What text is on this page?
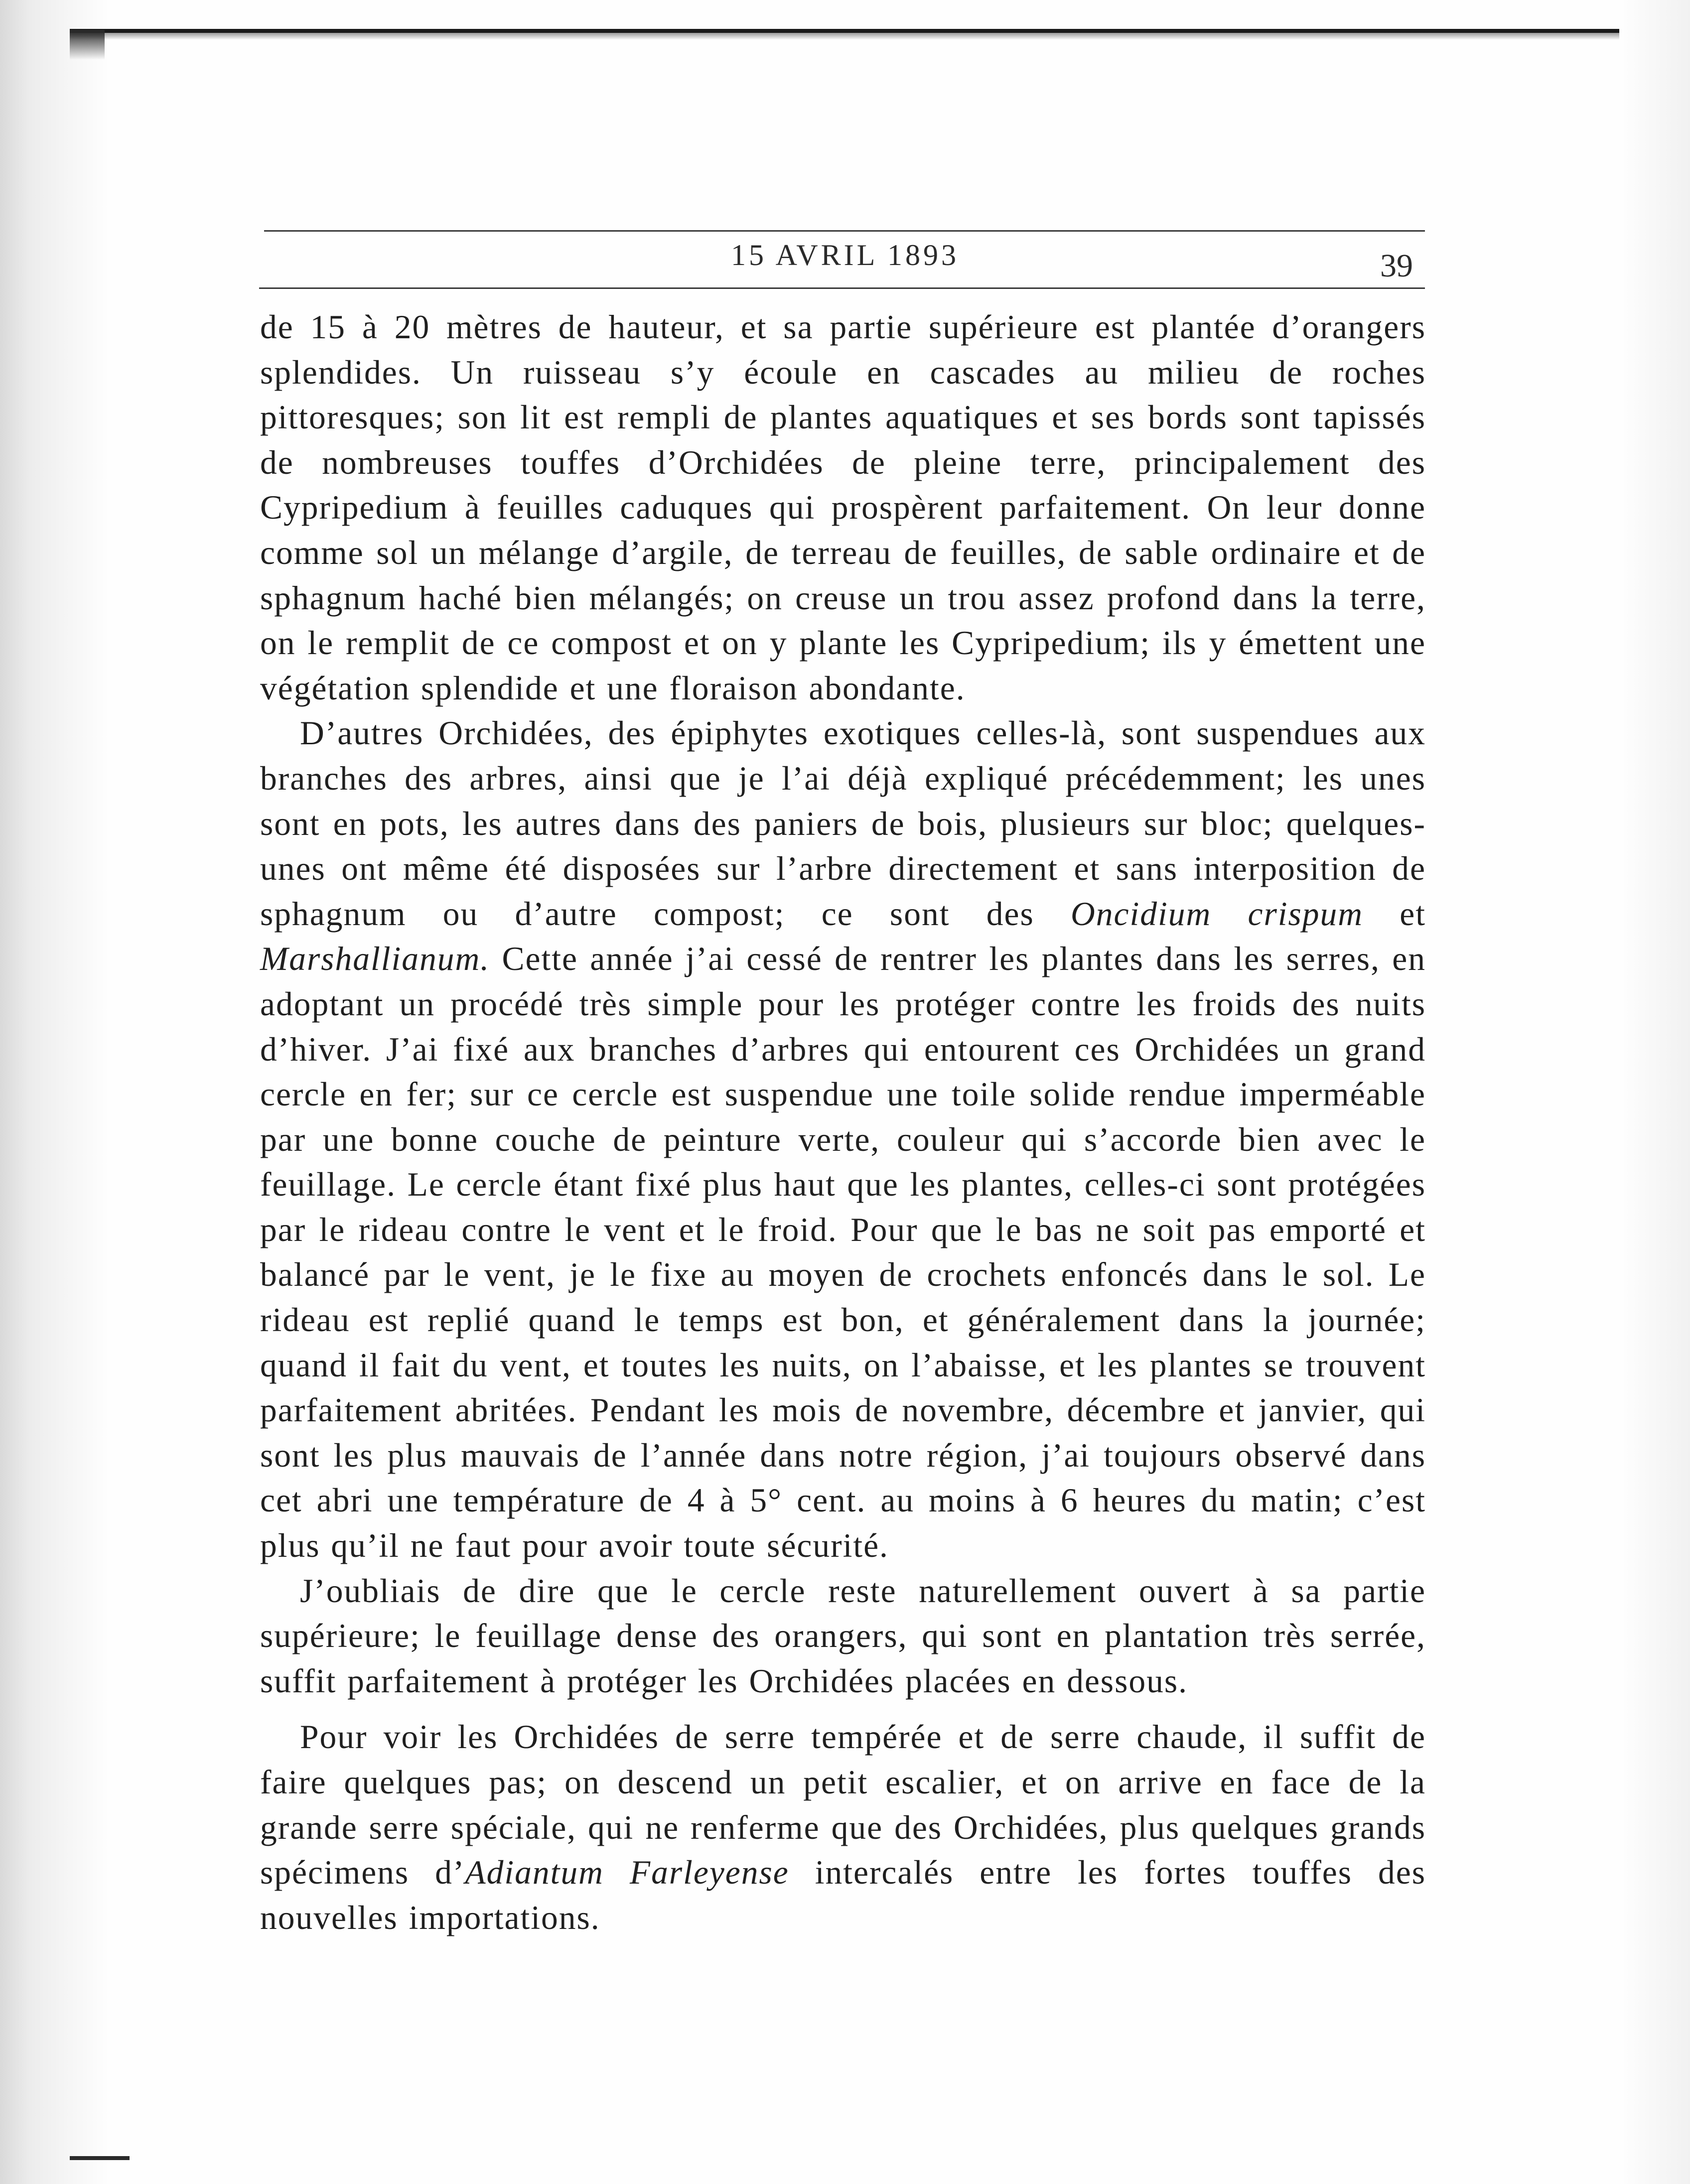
15 AVRIL 1893	39

de 15 à 20 mètres de hauteur, et sa partie supérieure est plantée d’orangers splendides. Un ruisseau s’y écoule en cascades au milieu de roches pittoresques; son lit est rempli de plantes aquatiques et ses bords sont tapissés de nombreuses touffes d’Orchidées de pleine terre, principalement des Cypripedium à feuilles caduques qui prospèrent parfaitement. On leur donne comme sol un mélange d’argile, de terreau de feuilles, de sable ordinaire et de sphagnum haché bien mélangés; on creuse un trou assez profond dans la terre, on le remplit de ce compost et on y plante les Cypripedium; ils y émettent une végétation splendide et une floraison abondante.

D’autres Orchidées, des épiphytes exotiques celles-là, sont suspendues aux branches des arbres, ainsi que je l’ai déjà expliqué précédemment; les unes sont en pots, les autres dans des paniers de bois, plusieurs sur bloc; quelques-unes ont même été disposées sur l’arbre directement et sans interposition de sphagnum ou d’autre compost; ce sont des Oncidium crispum et Marshallianum. Cette année j’ai cessé de rentrer les plantes dans les serres, en adoptant un procédé très simple pour les protéger contre les froids des nuits d’hiver. J’ai fixé aux branches d’arbres qui entourent ces Orchidées un grand cercle en fer; sur ce cercle est suspendue une toile solide rendue imperméable par une bonne couche de peinture verte, couleur qui s’accorde bien avec le feuillage. Le cercle étant fixé plus haut que les plantes, celles-ci sont protégées par le rideau contre le vent et le froid. Pour que le bas ne soit pas emporté et balancé par le vent, je le fixe au moyen de crochets enfoncés dans le sol. Le rideau est replié quand le temps est bon, et généralement dans la journée; quand il fait du vent, et toutes les nuits, on l’abaisse, et les plantes se trouvent parfaitement abritées. Pendant les mois de novembre, décembre et janvier, qui sont les plus mauvais de l’année dans notre région, j’ai toujours observé dans cet abri une température de 4 à 5° cent. au moins à 6 heures du matin; c’est plus qu’il ne faut pour avoir toute sécurité.

J’oubliais de dire que le cercle reste naturellement ouvert à sa partie supérieure; le feuillage dense des orangers, qui sont en plantation très serrée, suffit parfaitement à protéger les Orchidées placées en dessous.

Pour voir les Orchidées de serre tempérée et de serre chaude, il suffit de faire quelques pas; on descend un petit escalier, et on arrive en face de la grande serre spéciale, qui ne renferme que des Orchidées, plus quelques grands spécimens d’Adiantum Farleyense intercalés entre les fortes touffes des nouvelles importations.
